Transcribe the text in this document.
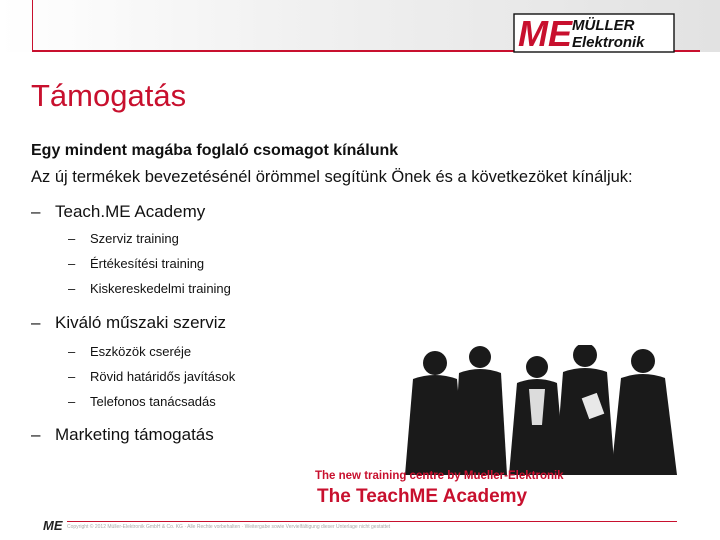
ME MÜLLER
Elektronik
Támogatás
Egy mindent magába foglaló csomagot kínálunk
Az új termékek bevezetésénél örömmel segítünk Önek és a következöket kínáljuk:
– Teach.ME Academy
– Szerviz training
– Értékesítési training
– Kiskereskedelmi training
– Kiváló műszaki szerviz
– Eszközök cseréje
– Rövid határidős javítások
– Telefonos tanácsadás
– Marketing támogatás
The new training centre by Mueller-Elektronik
The TeachME Academy
ME Copyright © 2012 Müller-Elektronik GmbH & Co. KG · Alle Rechte vorbehalten · Weitergabe sowie Vervielfältigung dieser Unterlage nicht gestattet
